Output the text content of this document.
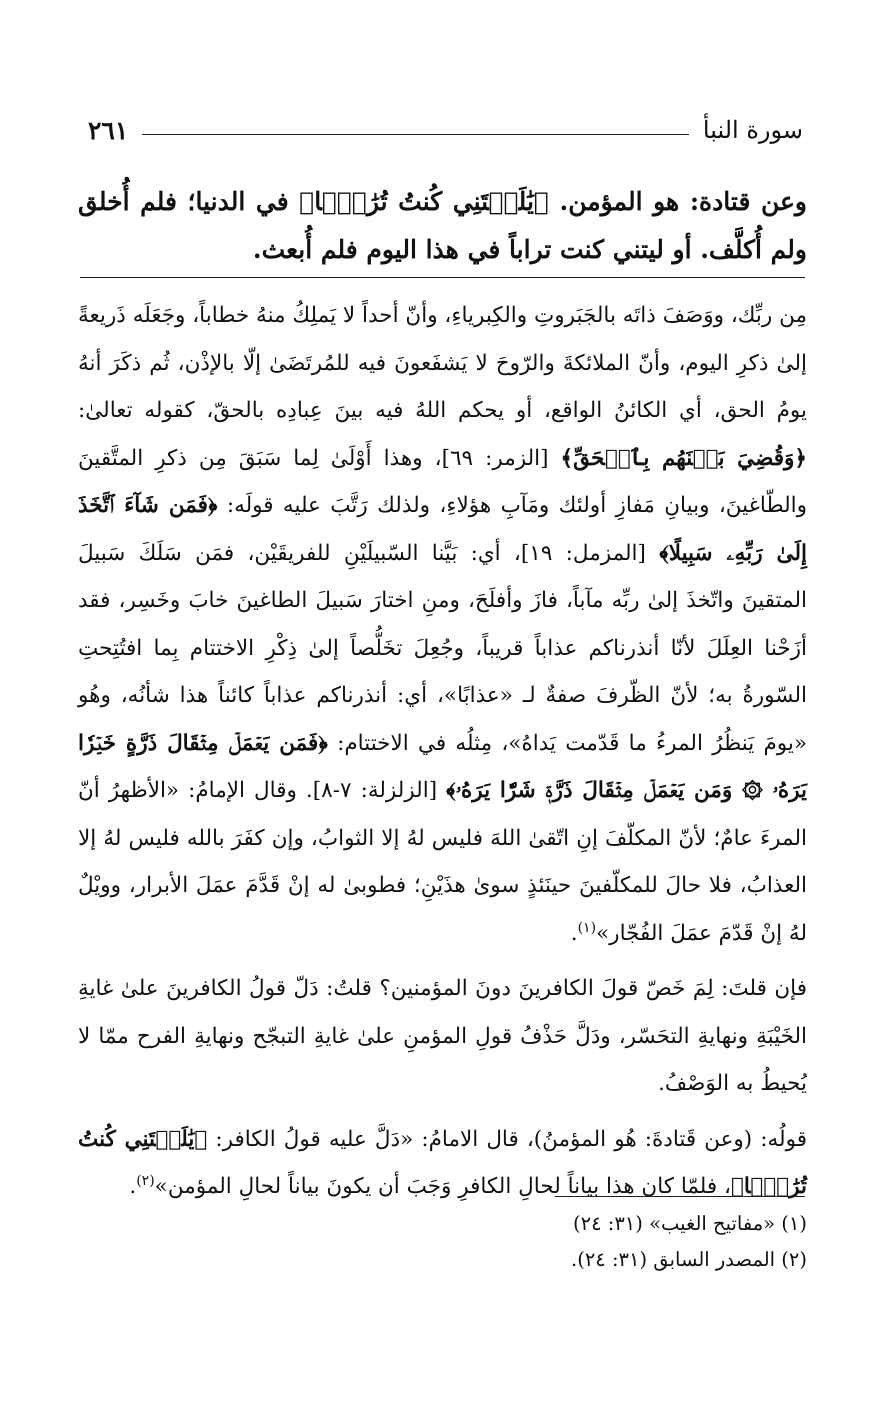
سورة النبأ
٢٦١
وعن قتادة: هو المؤمن. ﴿يَٰلَيۡتَنِي كُنتُ تُرَٰبَۢا﴾ في الدنيا؛ فلم أُخلق ولم أُكلَّف. أو ليتني كنت تراباً في هذا اليوم فلم أُبعث.

مِن ربِّك، ووَصَفَ ذاتَه بالجَبَروتِ والكِبرياءِ، وأنّ أحداً لا يَملِكُ منهُ خطاباً، وجَعَلَه ذَريعةً إلىٰ ذكرِ اليوم، وأنّ الملائكةَ والرّوحَ لا يَشفَعونَ فيه للمُرتَضَىٰ إلّا بالإذْن، ثُم ذكَرَ أنهُ يومُ الحق، أي الكائنُ الواقع، أو يحكم اللهُ فيه بينَ عِبادِه بالحقّ، كقوله تعالىٰ: ﴿وَقُضِيَ بَيۡنَهُم بِٱلۡحَقِّ﴾ [الزمر: ٦٩]، وهذا أَوْلَىٰ لِما سَبَقَ مِن ذكرِ المتَّقينَ والطّاغينَ، وبيانِ مَفازِ أولئك ومَآبِ هؤلاءِ، ولذلك رَتَّبَ عليه قولَه: ﴿فَمَن شَآءَ ٱتَّخَذَ إِلَىٰ رَبِّهِۦ سَبِيلًا﴾ [المزمل: ١٩]، أي: بَيَّنا السّبيلَيْنِ للفريقَيْن، فمَن سَلَكَ سَبيلَ المتقينَ واتّخذَ إلىٰ ربِّه مآباً، فازَ وأفلَحَ، ومنِ اختارَ سَبيلَ الطاغينَ خابَ وخَسِر، فقد أزَحْنا العِلَلَ لأنّا أنذرناكم عذاباً قريباً، وجُعِلَ تخَلُّصاً إلىٰ ذِكْرِ الاختتام بِما افتُتِحتِ السّورةُ به؛ لأنّ الظّرفَ صفةٌ لـ «عذابًا»، أي: أنذرناكم عذاباً كائناً هذا شأنُه، وهُو «يومَ يَنظُرُ المرءُ ما قَدّمت يَداهُ»، مِثلُه في الاختتام: ﴿فَمَن يَعۡمَلۡ مِثۡقَالَ ذَرَّةٍ خَيۡرٗا يَرَهُۥ ۞ وَمَن يَعۡمَلۡ مِثۡقَالَ ذَرَّةٖ شَرّٗا يَرَهُۥ﴾ [الزلزلة: ٧-٨]. وقال الإمامُ: «الأظهرُ أنّ المرءَ عامٌ؛ لأنّ المكلّفَ إنِ اتّقىٰ اللهَ فليس لهُ إلا الثوابُ، وإن كفَرَ بالله فليس لهُ إلا العذابُ، فلا حالَ للمكلّفينَ حينَئذٍ سوىٰ هذَيْنِ؛ فطوبىٰ له إنْ قَدَّمَ عمَلَ الأبرار، وويْلٌ لهُ إنْ قَدّمَ عمَلَ الفُجّار»$^{(١)}$.

فإن قلتَ: لِمَ خَصّ قولَ الكافرينَ دونَ المؤمنين؟ قلتُ: دَلّ قولُ الكافرينَ علىٰ غايةِ الخَيْبَةِ ونهايةِ التحَسّر، ودَلَّ حَذْفُ قولِ المؤمنِ علىٰ غايةِ التبجّح ونهايةِ الفرح ممّا لا يُحيطُ به الوَصْفُ.

قولُه: (وعن قَتادةَ: هُو المؤمنُ)، قال الامامُ: «دَلَّ عليه قولُ الكافر: ﴿يَٰلَيۡتَنِي كُنتُ تُرَٰبَۢا﴾، فلمّا كان هذا بياناً لحالِ الكافرِ وَجَبَ أن يكونَ بياناً لحالِ المؤمن»$^{(٢)}$.

(١) «مفاتيح الغيب» (٣١: ٢٤)
(٢) المصدر السابق (٣١: ٢٤).
